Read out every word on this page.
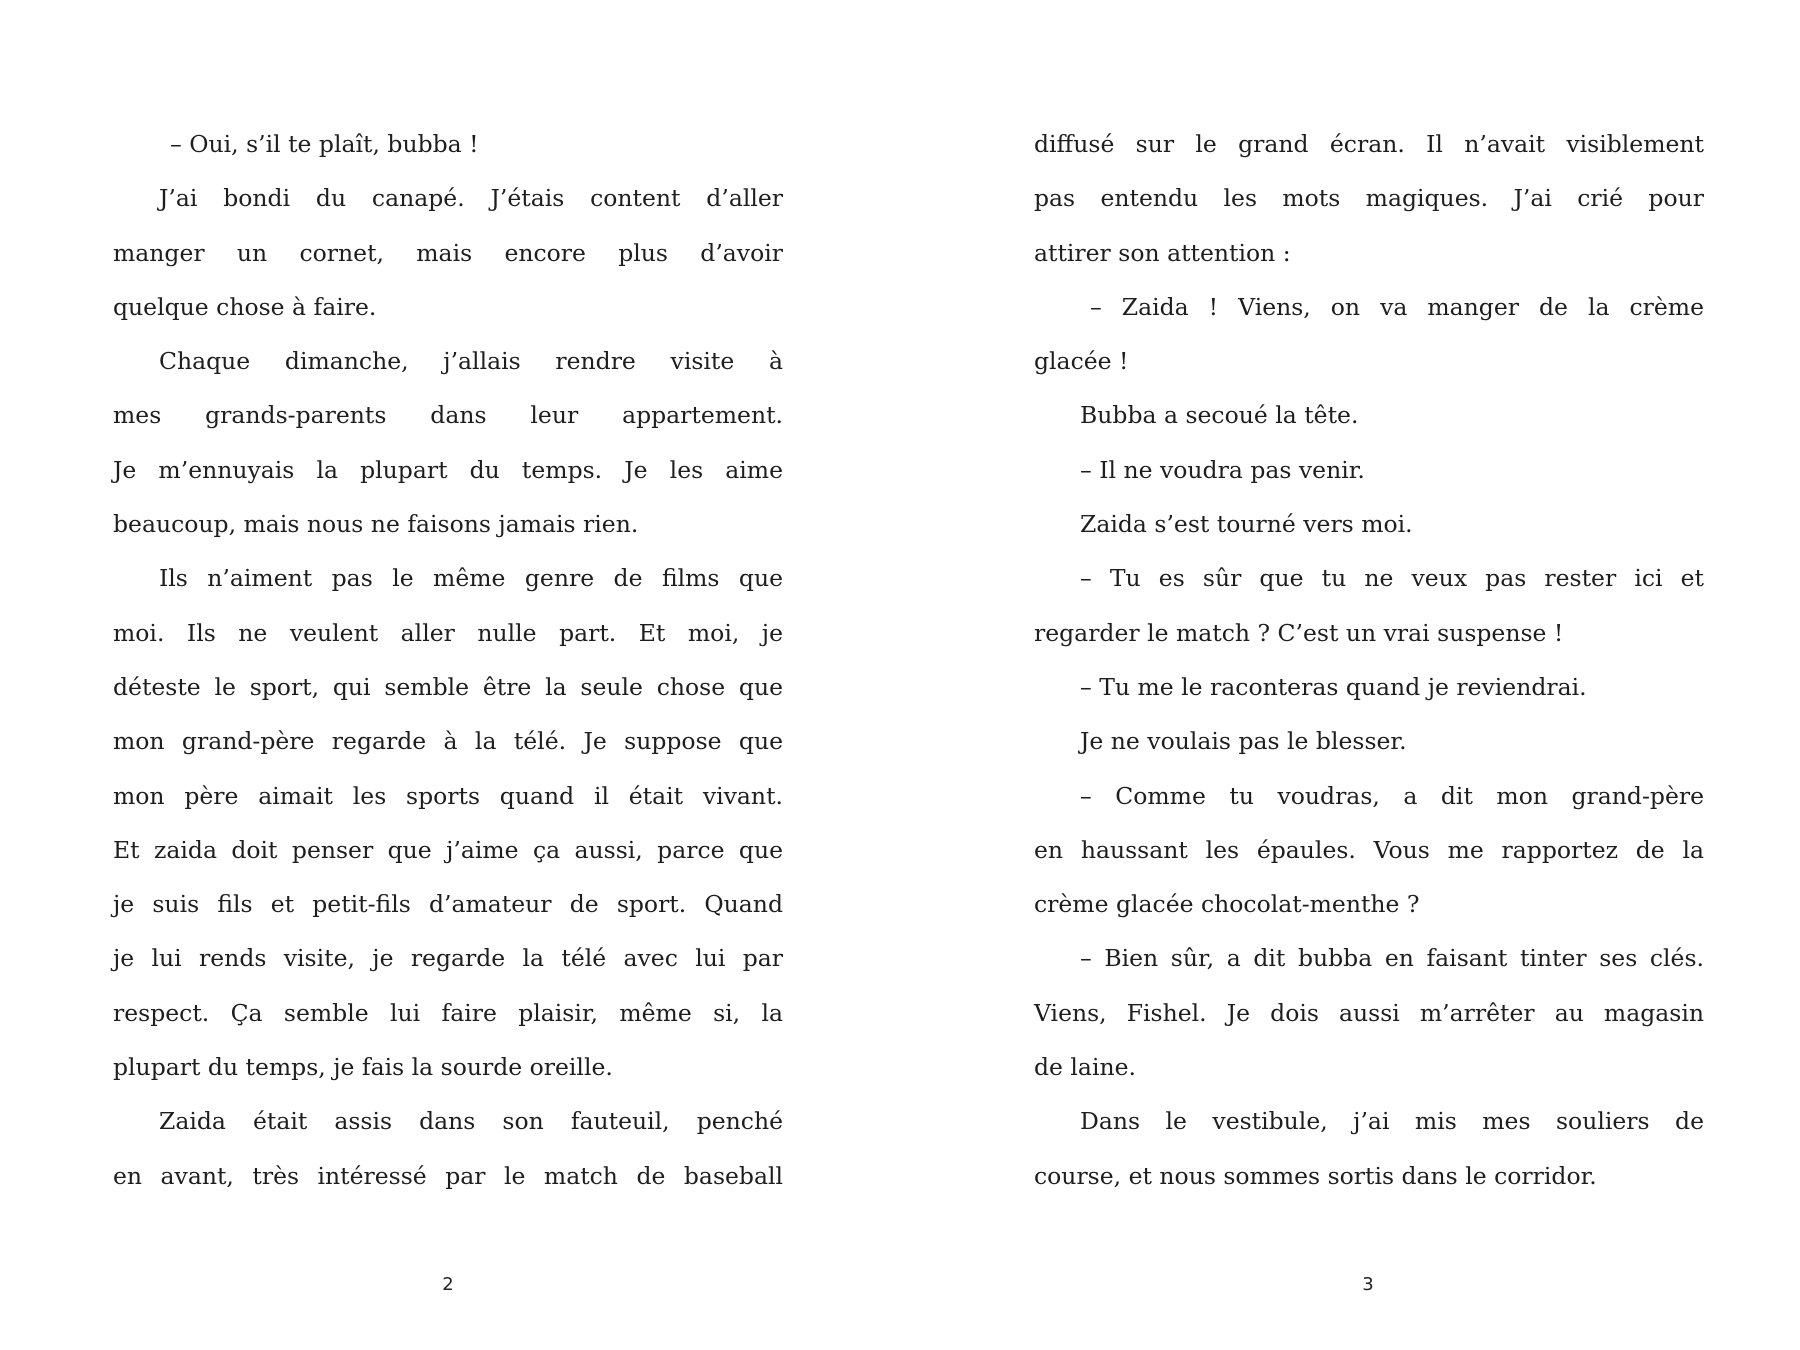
– Oui, s’il te plaît, bubba !
J’ai bondi du canapé. J’étais content d’aller
manger un cornet, mais encore plus d’avoir
quelque chose à faire.
Chaque dimanche, j’allais rendre visite à
mes grands-parents dans leur appartement.
Je m’ennuyais la plupart du temps. Je les aime
beaucoup, mais nous ne faisons jamais rien.
Ils n’aiment pas le même genre de films que
moi. Ils ne veulent aller nulle part. Et moi, je
déteste le sport, qui semble être la seule chose que
mon grand-père regarde à la télé. Je suppose que
mon père aimait les sports quand il était vivant.
Et zaida doit penser que j’aime ça aussi, parce que
je suis fils et petit-fils d’amateur de sport. Quand
je lui rends visite, je regarde la télé avec lui par
respect. Ça semble lui faire plaisir, même si, la
plupart du temps, je fais la sourde oreille.
Zaida était assis dans son fauteuil, penché
en avant, très intéressé par le match de baseball
diffusé sur le grand écran. Il n’avait visiblement
pas entendu les mots magiques. J’ai crié pour
attirer son attention :
– Zaida ! Viens, on va manger de la crème
glacée !
Bubba a secoué la tête.
– Il ne voudra pas venir.
Zaida s’est tourné vers moi.
– Tu es sûr que tu ne veux pas rester ici et
regarder le match ? C’est un vrai suspense !
– Tu me le raconteras quand je reviendrai.
Je ne voulais pas le blesser.
– Comme tu voudras, a dit mon grand-père
en haussant les épaules. Vous me rapportez de la
crème glacée chocolat-menthe ?
– Bien sûr, a dit bubba en faisant tinter ses clés.
Viens, Fishel. Je dois aussi m’arrêter au magasin
de laine.
Dans le vestibule, j’ai mis mes souliers de
course, et nous sommes sortis dans le corridor.
2	3
